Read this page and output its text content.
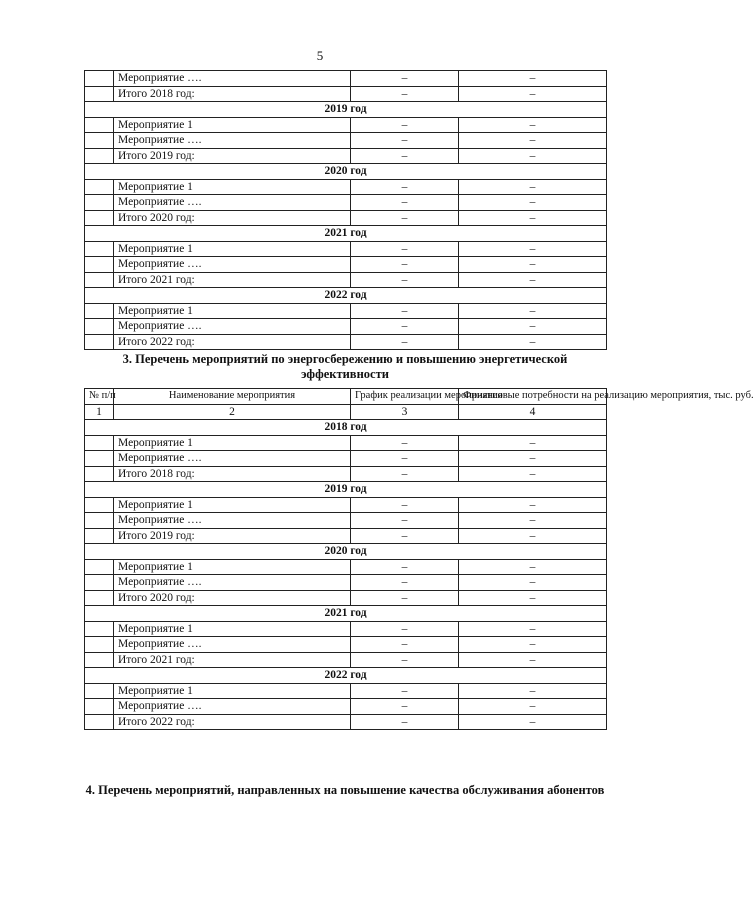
5
	Мероприятие ….	–	–
	Итого 2018 год:	–	–
2019 год			
	Мероприятие 1	–	–
	Мероприятие ….	–	–
	Итого 2019 год:	–	–
2020 год			
	Мероприятие 1	–	–
	Мероприятие ….	–	–
	Итого 2020 год:	–	–
2021 год			
	Мероприятие 1	–	–
	Мероприятие ….	–	–
	Итого 2021 год:	–	–
2022 год			
	Мероприятие 1	–	–
	Мероприятие ….	–	–
	Итого 2022 год:	–	–
3. Перечень мероприятий по энергосбережению и повышению энергетической эффективности
№ п/п	Наименование мероприятия	График реализации мероприятия	Финансовые потребности на реализацию мероприятия, тыс. руб.
1	2	3	4
2018 год			
	Мероприятие 1	–	–
	Мероприятие ….	–	–
	Итого 2018 год:	–	–
2019 год			
	Мероприятие 1	–	–
	Мероприятие ….	–	–
	Итого 2019 год:	–	–
2020 год			
	Мероприятие 1	–	–
	Мероприятие ….	–	–
	Итого 2020 год:	–	–
2021 год			
	Мероприятие 1	–	–
	Мероприятие ….	–	–
	Итого 2021 год:	–	–
2022 год			
	Мероприятие 1	–	–
	Мероприятие ….	–	–
	Итого 2022 год:	–	–
4. Перечень мероприятий, направленных на повышение качества обслуживания абонентов
